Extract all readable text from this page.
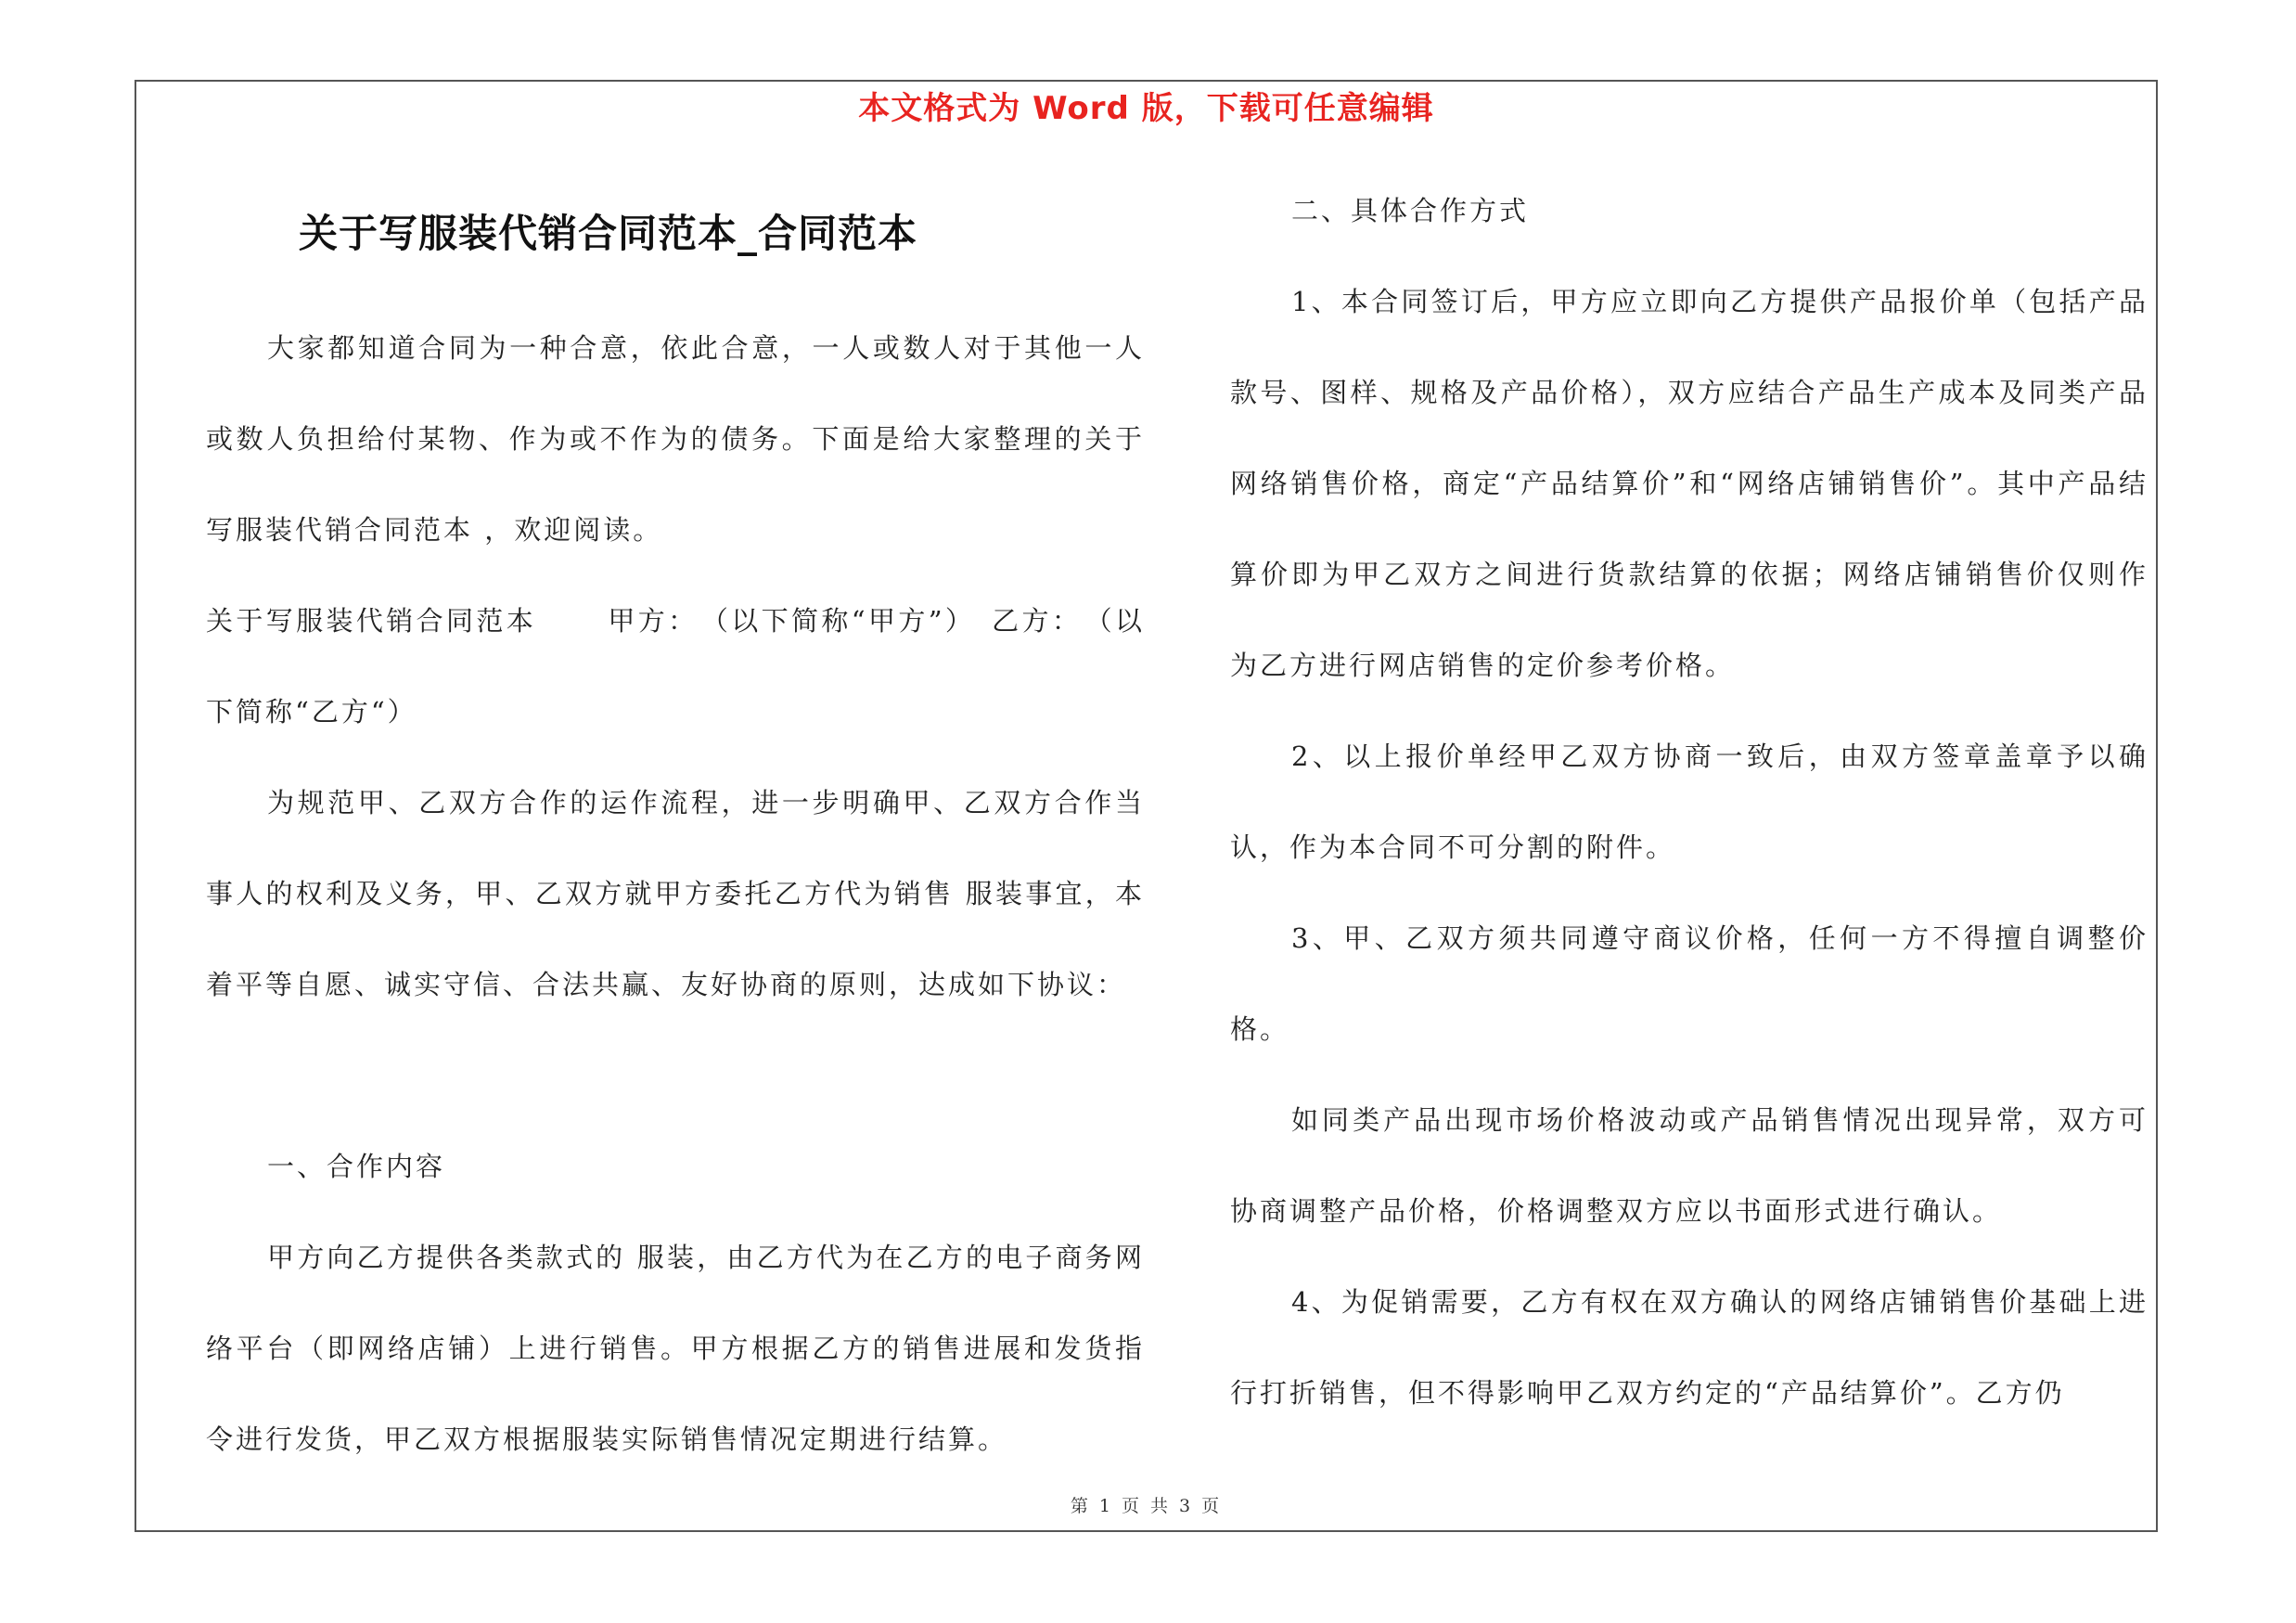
本文格式为 Word 版，下载可任意编辑
关于写服装代销合同范本_合同范本

大家都知道合同为一种合意，依此合意，一人或数人对于其他一人或数人负担给付某物、作为或不作为的债务。下面是给大家整理的关于写服装代销合同范本 ，欢迎阅读。

关于写服装代销合同范本 　　甲方：　（以下简称“甲方”）　乙方：　（以下简称“乙方“）

为规范甲、乙双方合作的运作流程，进一步明确甲、乙双方合作当事人的权利及义务，甲、乙双方就甲方委托乙方代为销售 服装事宜，本着平等自愿、诚实守信、合法共赢、友好协商的原则，达成如下协议：

一、合作内容

甲方向乙方提供各类款式的 服装，由乙方代为在乙方的电子商务网络平台（即网络店铺）上进行销售。甲方根据乙方的销售进展和发货指令进行发货，甲乙双方根据服装实际销售情况定期进行结算。

二、具体合作方式

1、本合同签订后，甲方应立即向乙方提供产品报价单（包括产品款号、图样、规格及产品价格），双方应结合产品生产成本及同类产品网络销售价格，商定“产品结算价”和“网络店铺销售价”。其中产品结算价即为甲乙双方之间进行货款结算的依据；网络店铺销售价仅则作为乙方进行网店销售的定价参考价格。

2、以上报价单经甲乙双方协商一致后，由双方签章盖章予以确认，作为本合同不可分割的附件。

3、甲、乙双方须共同遵守商议价格，任何一方不得擅自调整价格。

如同类产品出现市场价格波动或产品销售情况出现异常，双方可协商调整产品价格，价格调整双方应以书面形式进行确认。

4、为促销需要，乙方有权在双方确认的网络店铺销售价基础上进行打折销售，但不得影响甲乙双方约定的“产品结算价”。乙方仍

第 1 页 共 3 页
